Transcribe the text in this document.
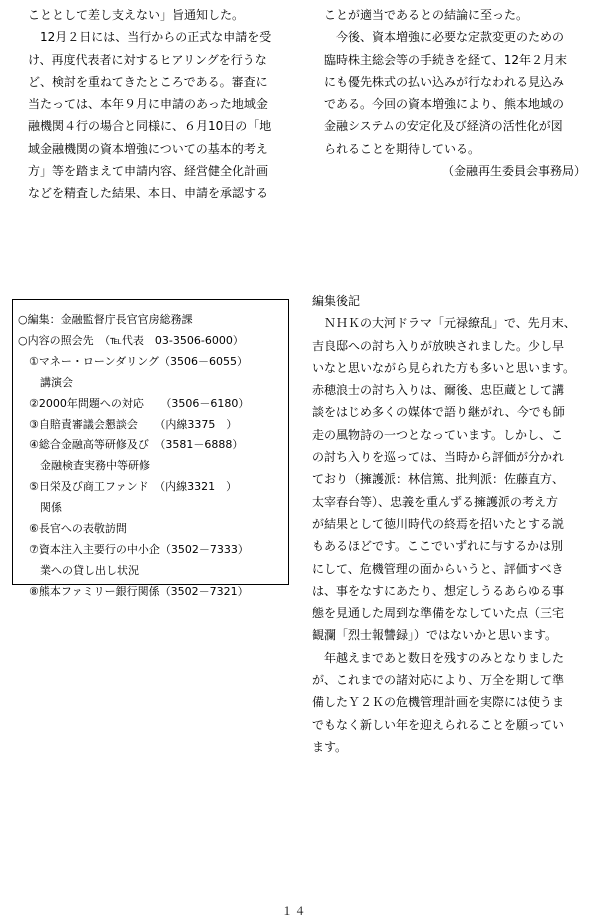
こととして差し支えない」旨通知した。

　12月２日には、当行からの正式な申請を受

け、再度代表者に対するヒアリングを行うな

ど、検討を重ねてきたところである。審査に

当たっては、本年９月に申請のあった地域金

融機関４行の場合と同様に、６月10日の「地

域金融機関の資本増強についての基本的考え

方」等を踏まえて申請内容、経営健全化計画

などを精査した結果、本日、申請を承認する

ことが適当であるとの結論に至った。

　今後、資本増強に必要な定款変更のための

臨時株主総会等の手続きを経て、12年２月末

にも優先株式の払い込みが行なわれる見込み

である。今回の資本増強により、熊本地域の

金融システムの安定化及び経済の活性化が図

られることを期待している。

（金融再生委員会事務局）

○編集：金融監督庁長官官房総務課

○内容の照会先　（℡代表　03-3506-6000）

　①マネー・ローンダリング（3506－6055）

　　講演会

　②2000年問題への対応　　（3506－6180）

　③自賠責審議会懇談会　　（内線3375　）

　④総合金融高等研修及び　（3581－6888）

　　金融検査実務中等研修

　⑤日栄及び商工ファンド　（内線3321　）

　　関係

　⑥長官への表敬訪問

　⑦資本注入主要行の中小企（3502－7333）

　　業への貸し出し状況

　⑧熊本ファミリー銀行関係（3502－7321）

編集後記

　ＮＨＫの大河ドラマ「元禄繚乱」で、先月末、

吉良邸への討ち入りが放映されました。少し早

いなと思いながら見られた方も多いと思います。

赤穂浪士の討ち入りは、爾後、忠臣蔵として講

談をはじめ多くの媒体で語り継がれ、今でも師

走の風物詩の一つとなっています。しかし、こ

の討ち入りを巡っては、当時から評価が分かれ

ており（擁護派：林信篤、批判派：佐藤直方、

太宰春台等）、忠義を重んずる擁護派の考え方

が結果として徳川時代の終焉を招いたとする説

もあるほどです。ここでいずれに与するかは別

にして、危機管理の面からいうと、評価すべき

は、事をなすにあたり、想定しうるあらゆる事

態を見通した周到な準備をなしていた点（三宅

観瀾「烈士報讐録」）ではないかと思います。

　年越えまであと数日を残すのみとなりました

が、これまでの諸対応により、万全を期して準

備したＹ２Ｋの危機管理計画を実際には使うま

でもなく新しい年を迎えられることを願ってい

ます。

１４
